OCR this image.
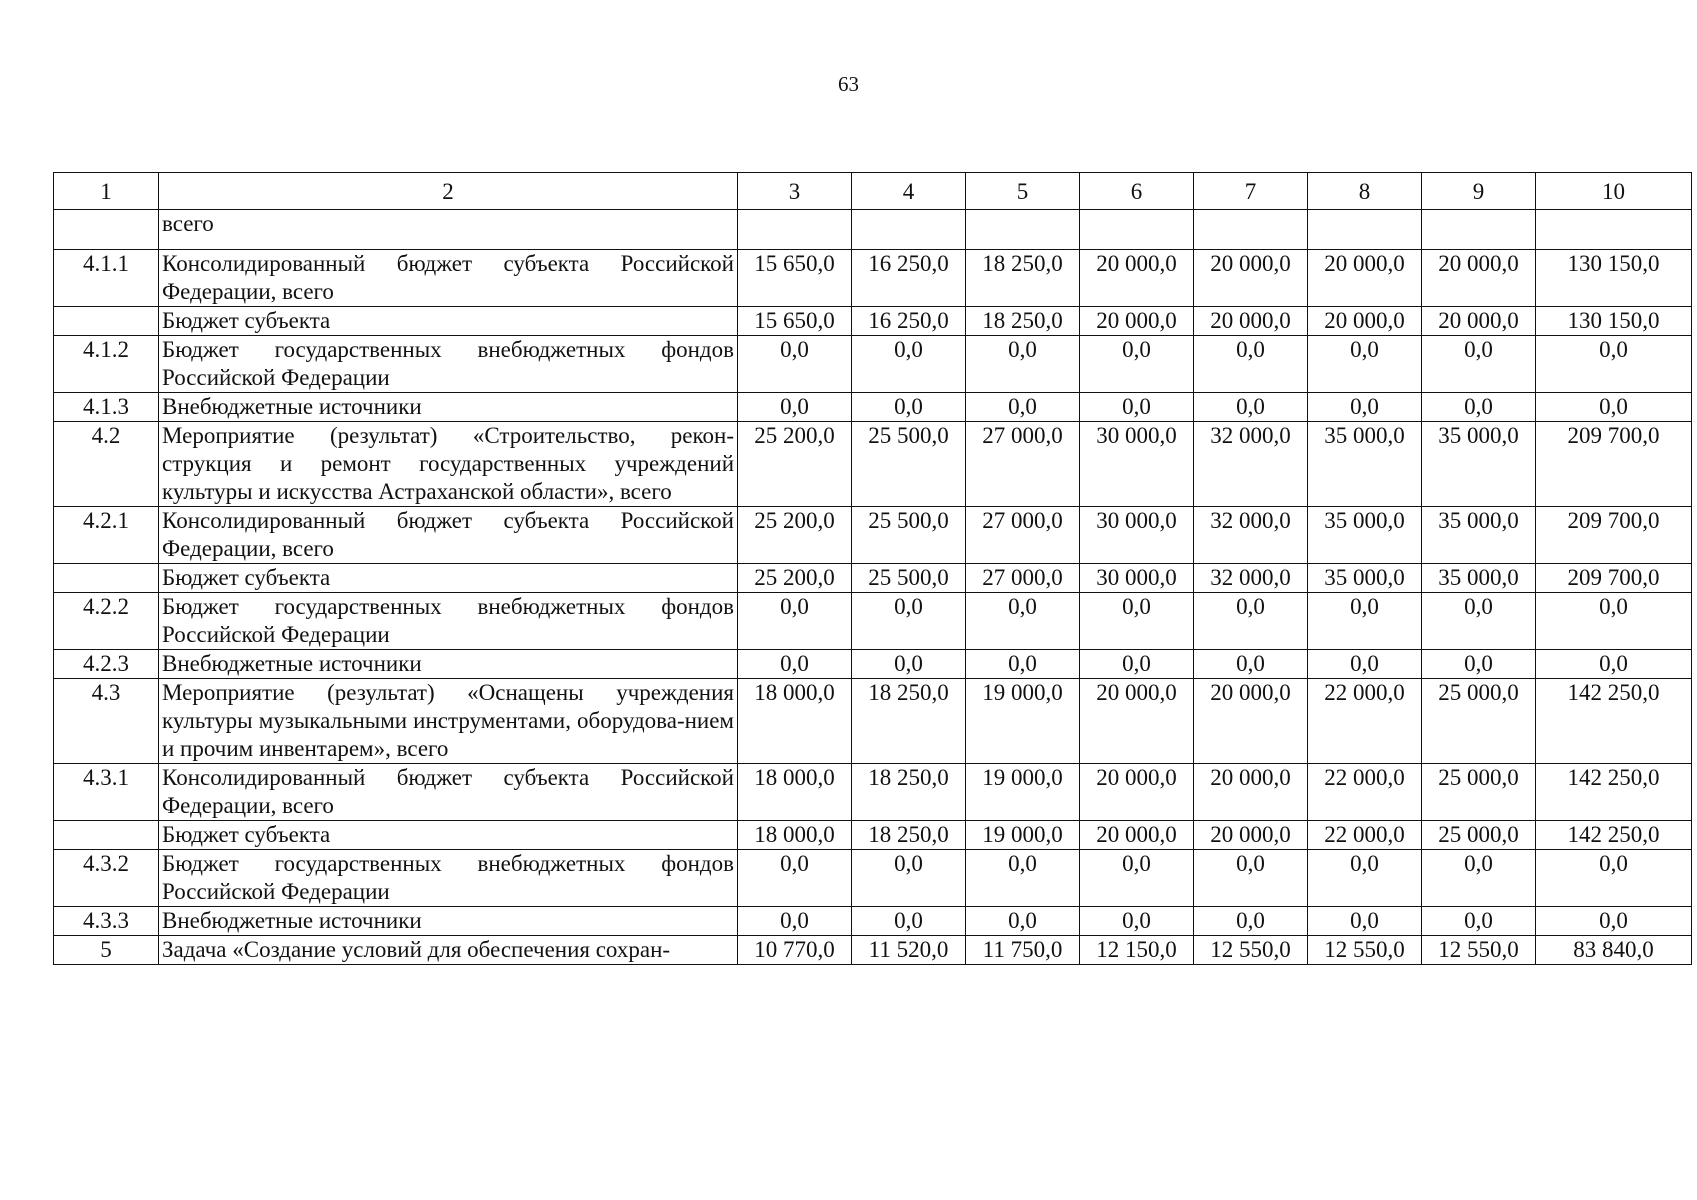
63
1	2	3	4	5	6	7	8	9	10
	всего								
4.1.1	Консолидированный бюджет субъекта Российской Федерации, всего	15 650,0	16 250,0	18 250,0	20 000,0	20 000,0	20 000,0	20 000,0	130 150,0
	Бюджет субъекта	15 650,0	16 250,0	18 250,0	20 000,0	20 000,0	20 000,0	20 000,0	130 150,0
4.1.2	Бюджет государственных внебюджетных фондов Российской Федерации	0,0	0,0	0,0	0,0	0,0	0,0	0,0	0,0
4.1.3	Внебюджетные источники	0,0	0,0	0,0	0,0	0,0	0,0	0,0	0,0
4.2	Мероприятие (результат) «Строительство, рекон-струкция и ремонт государственных учреждений культуры и искусства Астраханской области», всего	25 200,0	25 500,0	27 000,0	30 000,0	32 000,0	35 000,0	35 000,0	209 700,0
4.2.1	Консолидированный бюджет субъекта Российской Федерации, всего	25 200,0	25 500,0	27 000,0	30 000,0	32 000,0	35 000,0	35 000,0	209 700,0
	Бюджет субъекта	25 200,0	25 500,0	27 000,0	30 000,0	32 000,0	35 000,0	35 000,0	209 700,0
4.2.2	Бюджет государственных внебюджетных фондов Российской Федерации	0,0	0,0	0,0	0,0	0,0	0,0	0,0	0,0
4.2.3	Внебюджетные источники	0,0	0,0	0,0	0,0	0,0	0,0	0,0	0,0
4.3	Мероприятие (результат) «Оснащены учреждения культуры музыкальными инструментами, оборудова-нием и прочим инвентарем», всего	18 000,0	18 250,0	19 000,0	20 000,0	20 000,0	22 000,0	25 000,0	142 250,0
4.3.1	Консолидированный бюджет субъекта Российской Федерации, всего	18 000,0	18 250,0	19 000,0	20 000,0	20 000,0	22 000,0	25 000,0	142 250,0
	Бюджет субъекта	18 000,0	18 250,0	19 000,0	20 000,0	20 000,0	22 000,0	25 000,0	142 250,0
4.3.2	Бюджет государственных внебюджетных фондов Российской Федерации	0,0	0,0	0,0	0,0	0,0	0,0	0,0	0,0
4.3.3	Внебюджетные источники	0,0	0,0	0,0	0,0	0,0	0,0	0,0	0,0
5	Задача «Создание условий для обеспечения сохран-	10 770,0	11 520,0	11 750,0	12 150,0	12 550,0	12 550,0	12 550,0	83 840,0
